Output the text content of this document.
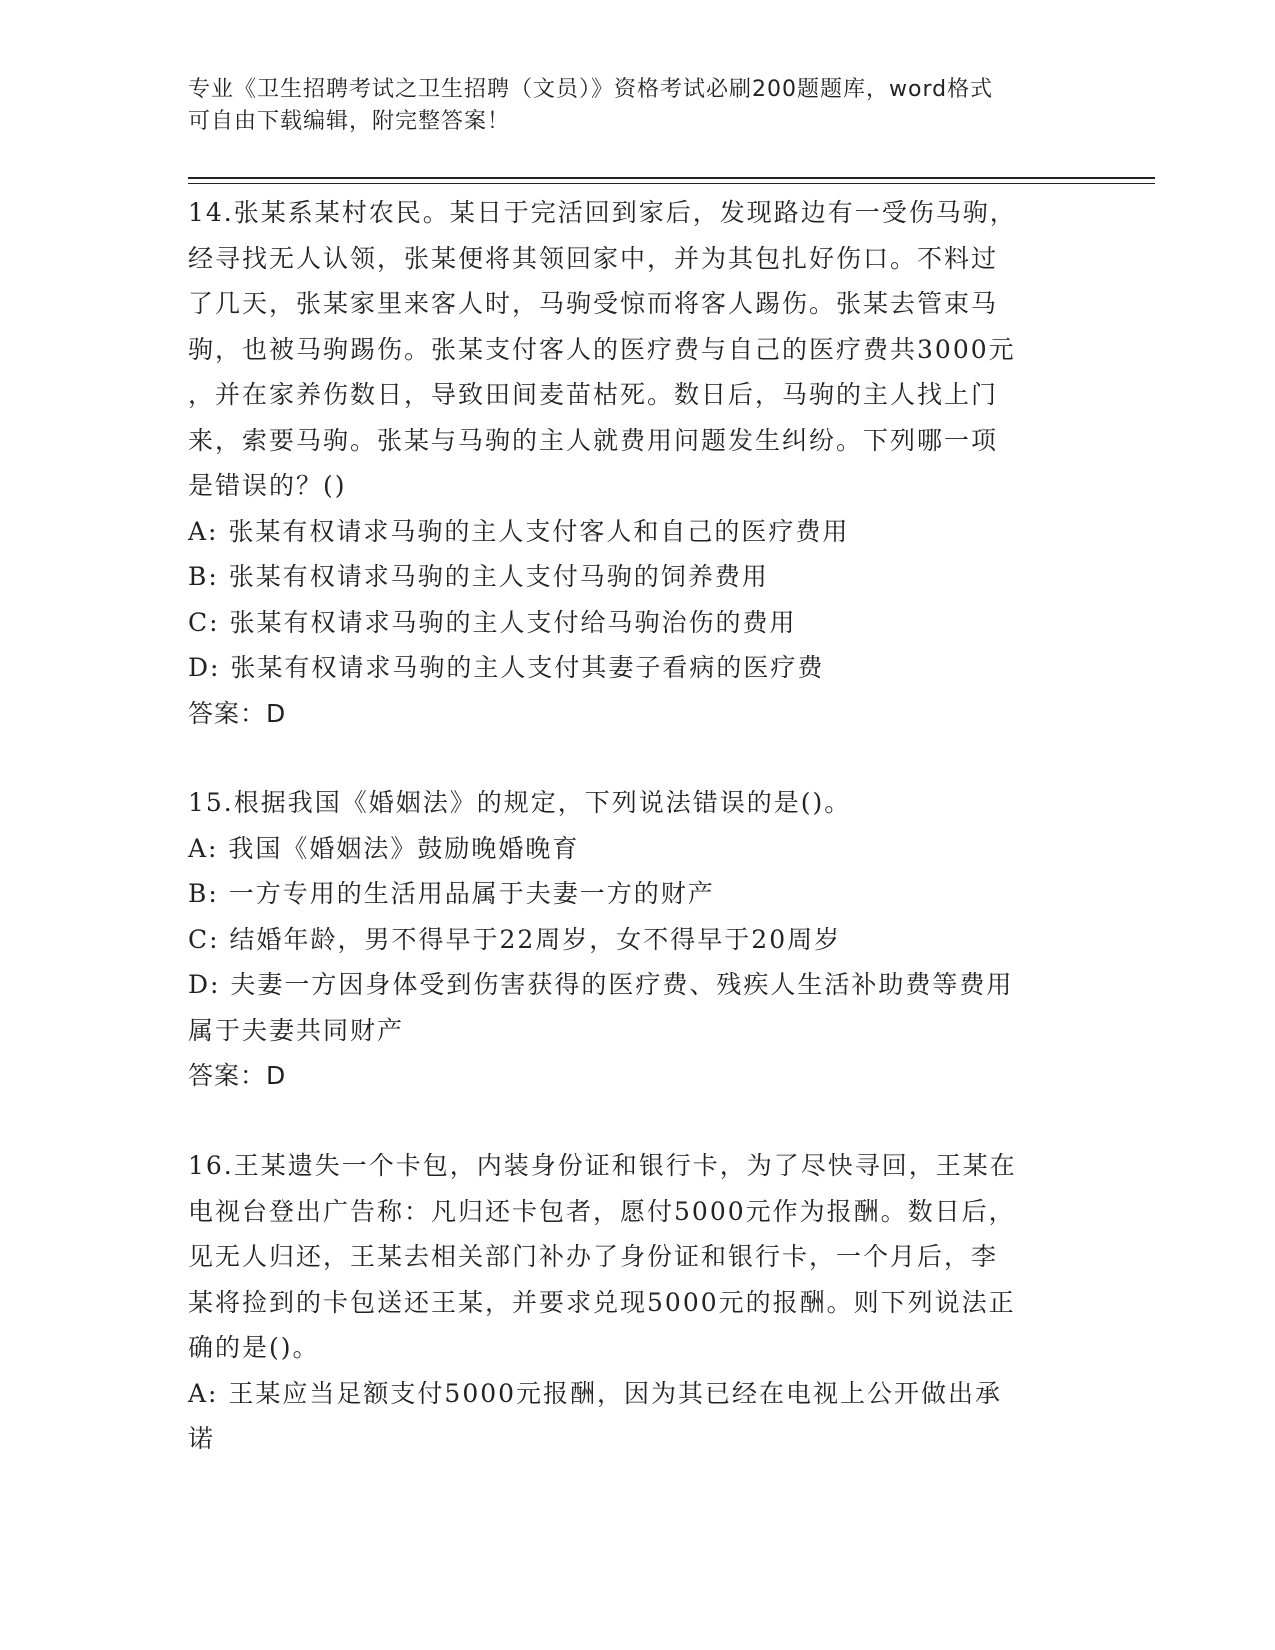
专业《卫生招聘考试之卫生招聘（文员）》资格考试必刷200题题库，word格式
可自由下载编辑，附完整答案！

14.张某系某村农民。某日于完活回到家后，发现路边有一受伤马驹，

经寻找无人认领，张某便将其领回家中，并为其包扎好伤口。不料过

了几天，张某家里来客人时，马驹受惊而将客人踢伤。张某去管束马

驹，也被马驹踢伤。张某支付客人的医疗费与自己的医疗费共3000元

，并在家养伤数日，导致田间麦苗枯死。数日后，马驹的主人找上门

来，索要马驹。张某与马驹的主人就费用问题发生纠纷。下列哪一项

是错误的？()

A: 张某有权请求马驹的主人支付客人和自己的医疗费用

B: 张某有权请求马驹的主人支付马驹的饲养费用

C: 张某有权请求马驹的主人支付给马驹治伤的费用

D: 张某有权请求马驹的主人支付其妻子看病的医疗费

答案：D

15.根据我国《婚姻法》的规定，下列说法错误的是()。

A: 我国《婚姻法》鼓励晚婚晚育

B: 一方专用的生活用品属于夫妻一方的财产

C: 结婚年龄，男不得早于22周岁，女不得早于20周岁

D: 夫妻一方因身体受到伤害获得的医疗费、残疾人生活补助费等费用

属于夫妻共同财产

答案：D

16.王某遗失一个卡包，内装身份证和银行卡，为了尽快寻回，王某在

电视台登出广告称：凡归还卡包者，愿付5000元作为报酬。数日后，

见无人归还，王某去相关部门补办了身份证和银行卡，一个月后，李

某将捡到的卡包送还王某，并要求兑现5000元的报酬。则下列说法正

确的是()。

A: 王某应当足额支付5000元报酬，因为其已经在电视上公开做出承

诺
